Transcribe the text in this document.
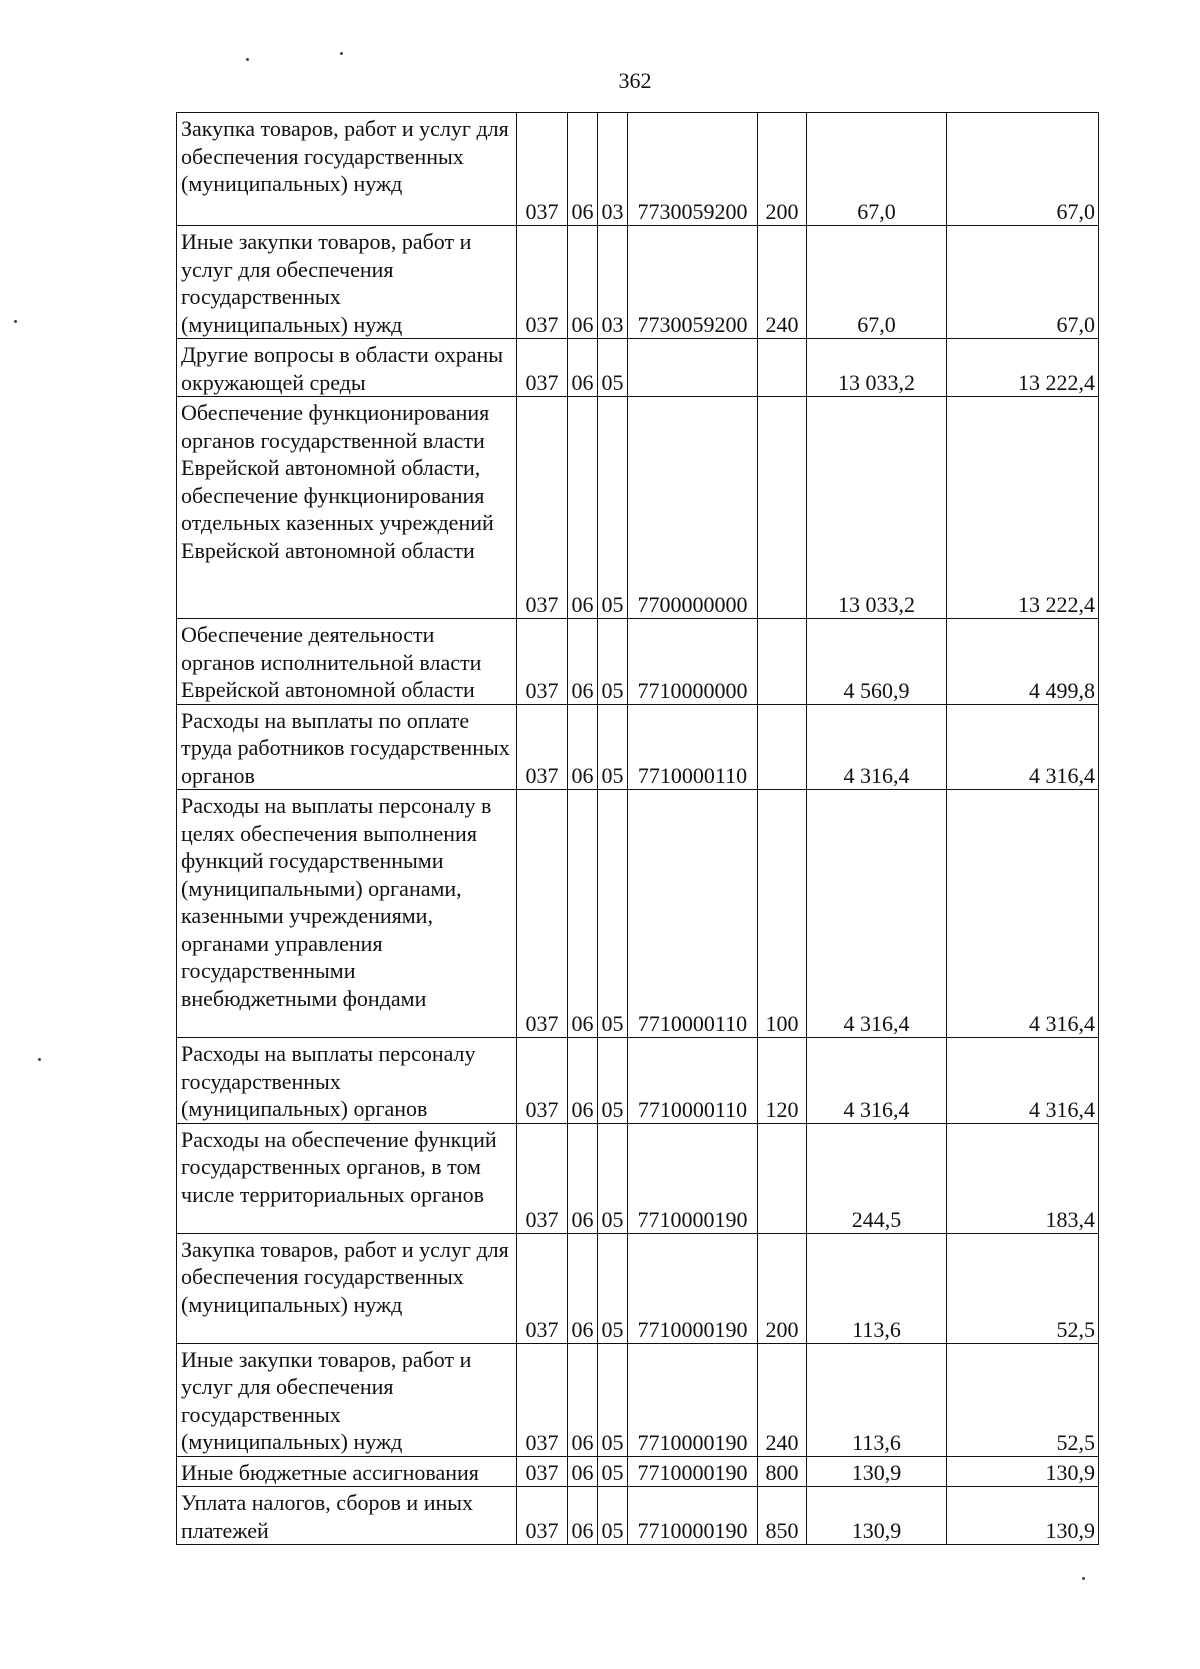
362
Закупка товаров, работ и услуг для обеспечения государственных (муниципальных) нужд	037	06	03	7730059200	200	67,0	67,0
Иные закупки товаров, работ и услуг для обеспечения государственных (муниципальных) нужд	037	06	03	7730059200	240	67,0	67,0
Другие вопросы в области охраны окружающей среды	037	06	05			13 033,2	13 222,4
Обеспечение функционирования органов государственной власти Еврейской автономной области, обеспечение функционирования отдельных казенных учреждений Еврейской автономной области	037	06	05	7700000000		13 033,2	13 222,4
Обеспечение деятельности органов исполнительной власти Еврейской автономной области	037	06	05	7710000000		4 560,9	4 499,8
Расходы на выплаты по оплате труда работников государственных органов	037	06	05	7710000110		4 316,4	4 316,4
Расходы на выплаты персоналу в целях обеспечения выполнения функций государственными (муниципальными) органами, казенными учреждениями, органами управления государственными внебюджетными фондами	037	06	05	7710000110	100	4 316,4	4 316,4
Расходы на выплаты персоналу государственных (муниципальных) органов	037	06	05	7710000110	120	4 316,4	4 316,4
Расходы на обеспечение функций государственных органов, в том числе территориальных органов	037	06	05	7710000190		244,5	183,4
Закупка товаров, работ и услуг для обеспечения государственных (муниципальных) нужд	037	06	05	7710000190	200	113,6	52,5
Иные закупки товаров, работ и услуг для обеспечения государственных (муниципальных) нужд	037	06	05	7710000190	240	113,6	52,5
Иные бюджетные ассигнования	037	06	05	7710000190	800	130,9	130,9
Уплата налогов, сборов и иных платежей	037	06	05	7710000190	850	130,9	130,9
